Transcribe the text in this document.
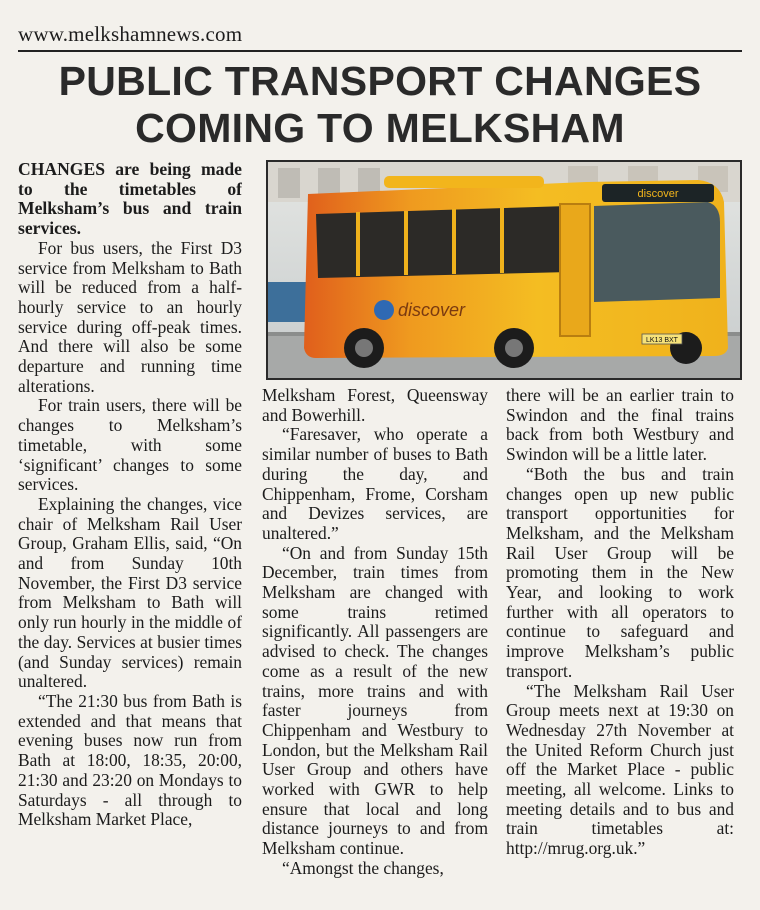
www.melkshamnews.com
PUBLIC TRANSPORT CHANGES
COMING TO MELKSHAM

CHANGES are being made to the timetables of Melksham’s bus and train services.

For bus users, the First D3 service from Melksham to Bath will be reduced from a half-hourly service to an hourly service during off-peak times. And there will also be some departure and running time alterations.

For train users, there will be changes to Melksham’s timetable, with some ‘significant’ changes to some services.

Explaining the changes, vice chair of Melksham Rail User Group, Graham Ellis, said, “On and from Sunday 10th November, the First D3 service from Melksham to Bath will only run hourly in the middle of the day. Services at busier times (and Sunday services) remain unaltered.

“The 21:30 bus from Bath is extended and that means that evening buses now run from Bath at 18:00, 18:35, 20:00, 21:30 and 23:20 on Mondays to Saturdays - all through to Melksham Market Place,

discover
discover
LK13 BXT

Melksham Forest, Queensway and Bowerhill.

“Faresaver, who operate a similar number of buses to Bath during the day, and Chippenham, Frome, Corsham and Devizes services, are unaltered.”

“On and from Sunday 15th December, train times from Melksham are changed with some trains retimed significantly. All passengers are advised to check. The changes come as a result of the new trains, more trains and with faster journeys from Chippenham and Westbury to London, but the Melksham Rail User Group and others have worked with GWR to help ensure that local and long distance journeys to and from Melksham continue.

“Amongst the changes,

there will be an earlier train to Swindon and the final trains back from both Westbury and Swindon will be a little later.

“Both the bus and train changes open up new public transport opportunities for Melksham, and the Melksham Rail User Group will be promoting them in the New Year, and looking to work further with all operators to continue to safeguard and improve Melksham’s public transport.

“The Melksham Rail User Group meets next at 19:30 on Wednesday 27th November at the United Reform Church just off the Market Place - public meeting, all welcome. Links to meeting details and to bus and train timetables at: http://mrug.org.uk.”
